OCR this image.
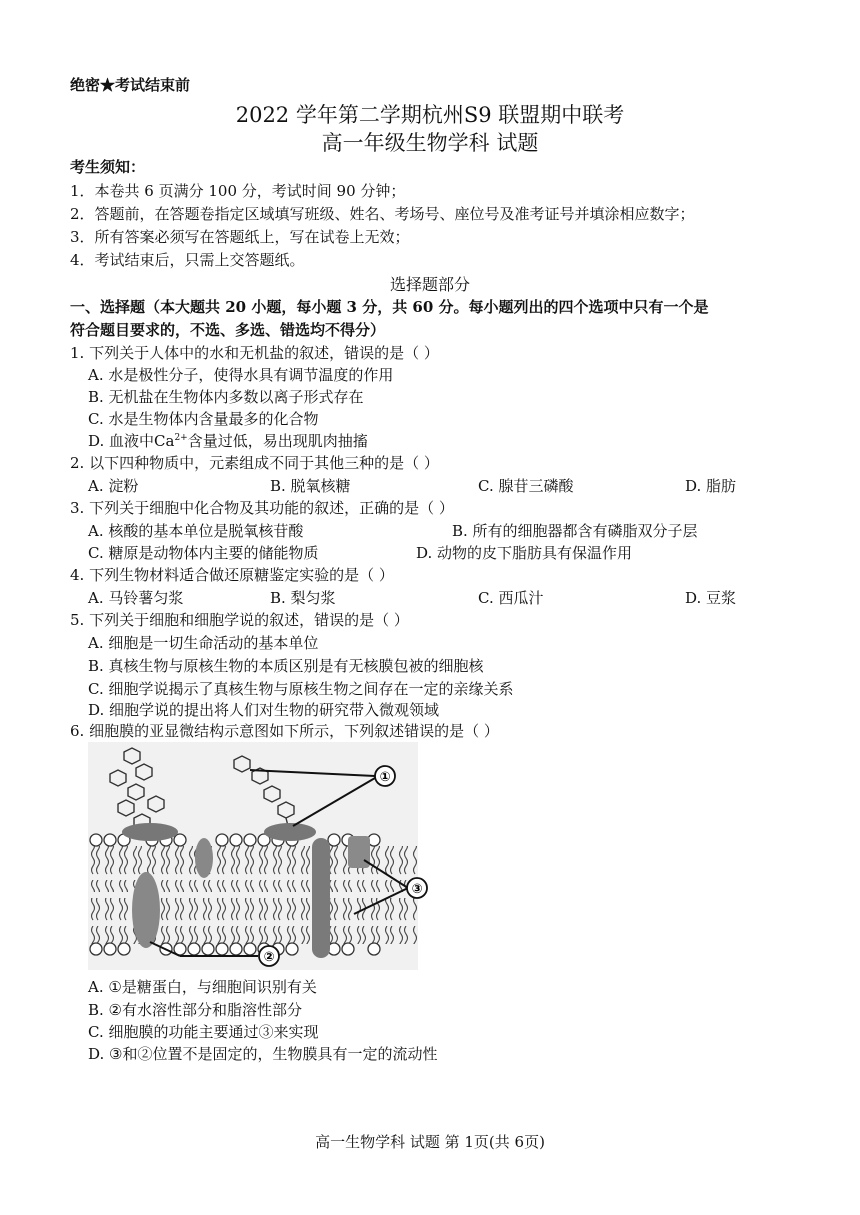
绝密★考试结束前
2022 学年第二学期杭州S9 联盟期中联考
高一年级生物学科 试题
考生须知：
1．本卷共 6 页满分 100 分，考试时间 90 分钟；
2．答题前，在答题卷指定区域填写班级、姓名、考场号、座位号及准考证号并填涂相应数字；
3．所有答案必须写在答题纸上，写在试卷上无效；
4．考试结束后，只需上交答题纸。
选择题部分
一、选择题（本大题共 20 小题，每小题 3 分，共 60 分。每小题列出的四个选项中只有一个是
符合题目要求的，不选、多选、错选均不得分）
1. 下列关于人体中的水和无机盐的叙述，错误的是（ ）
A. 水是极性分子，使得水具有调节温度的作用
B. 无机盐在生物体内多数以离子形式存在
C. 水是生物体内含量最多的化合物
D. 血液中$Ca^{2+}$含量过低，易出现肌肉抽搐
2. 以下四种物质中，元素组成不同于其他三种的是（ ）
A. 淀粉	B. 脱氧核糖	C. 腺苷三磷酸	D. 脂肪
3. 下列关于细胞中化合物及其功能的叙述，正确的是（ ）
A. 核酸的基本单位是脱氧核苷酸	B. 所有的细胞器都含有磷脂双分子层
C. 糖原是动物体内主要的储能物质	D. 动物的皮下脂肪具有保温作用
4. 下列生物材料适合做还原糖鉴定实验的是（ ）
A. 马铃薯匀浆	B. 梨匀浆	C. 西瓜汁	D. 豆浆
5. 下列关于细胞和细胞学说的叙述，错误的是（ ）
A. 细胞是一切生命活动的基本单位
B. 真核生物与原核生物的本质区别是有无核膜包被的细胞核
C. 细胞学说揭示了真核生物与原核生物之间存在一定的亲缘关系
D. 细胞学说的提出将人们对生物的研究带入微观领域
6. 细胞膜的亚显微结构示意图如下所示，下列叙述错误的是（ ）
①
②
③
A. ①是糖蛋白，与细胞间识别有关
B. ②有水溶性部分和脂溶性部分
C. 细胞膜的功能主要通过③来实现
D. ③和②位置不是固定的，生物膜具有一定的流动性
高一生物学科 试题 第 1页(共 6页)
